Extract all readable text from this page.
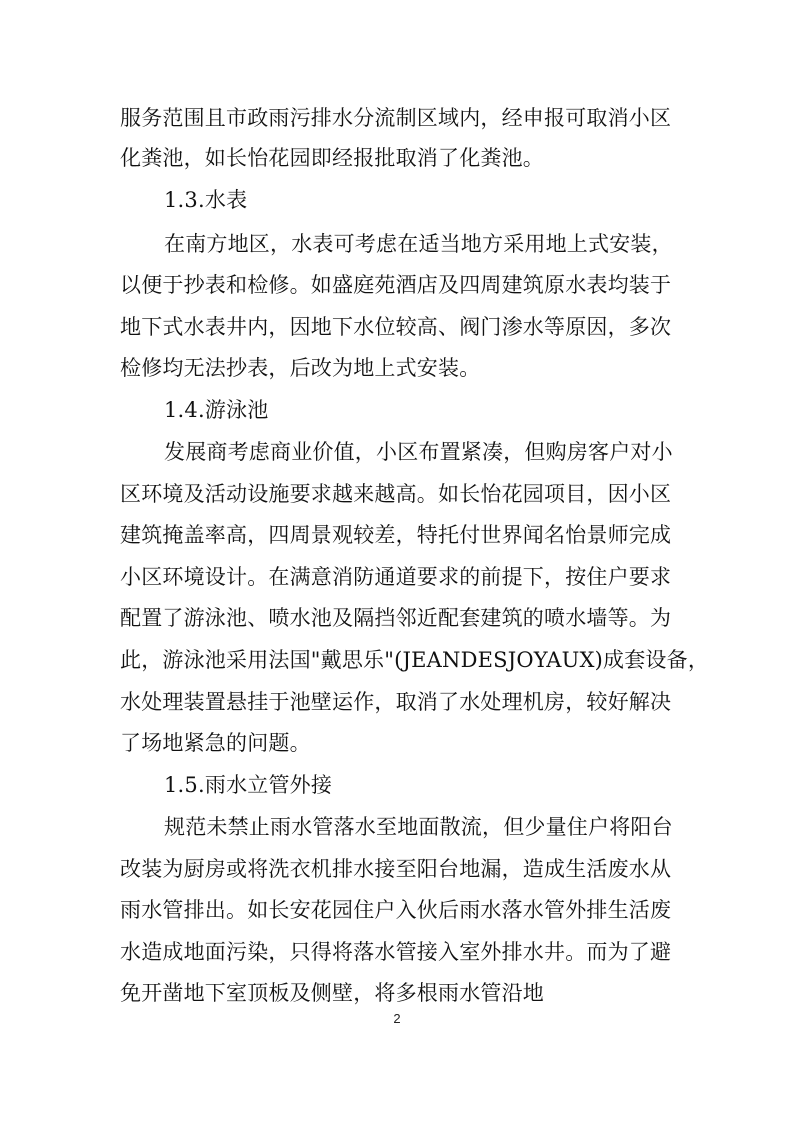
服务范围且市政雨污排水分流制区域内，经申报可取消小区
化粪池，如长怡花园即经报批取消了化粪池。
1.3.水表
在南方地区，水表可考虑在适当地方采用地上式安装，
以便于抄表和检修。如盛庭苑酒店及四周建筑原水表均装于
地下式水表井内，因地下水位较高、阀门渗水等原因，多次
检修均无法抄表，后改为地上式安装。
1.4.游泳池
发展商考虑商业价值，小区布置紧凑，但购房客户对小
区环境及活动设施要求越来越高。如长怡花园项目，因小区
建筑掩盖率高，四周景观较差，特托付世界闻名怡景师完成
小区环境设计。在满意消防通道要求的前提下，按住户要求
配置了游泳池、喷水池及隔挡邻近配套建筑的喷水墙等。为
此，游泳池采用法国"戴思乐"(JEANDESJOYAUX)成套设备，
水处理装置悬挂于池壁运作，取消了水处理机房，较好解决
了场地紧急的问题。
1.5.雨水立管外接
规范未禁止雨水管落水至地面散流，但少量住户将阳台
改装为厨房或将洗衣机排水接至阳台地漏，造成生活废水从
雨水管排出。如长安花园住户入伙后雨水落水管外排生活废
水造成地面污染，只得将落水管接入室外排水井。而为了避
免开凿地下室顶板及侧壁，将多根雨水管沿地
2
